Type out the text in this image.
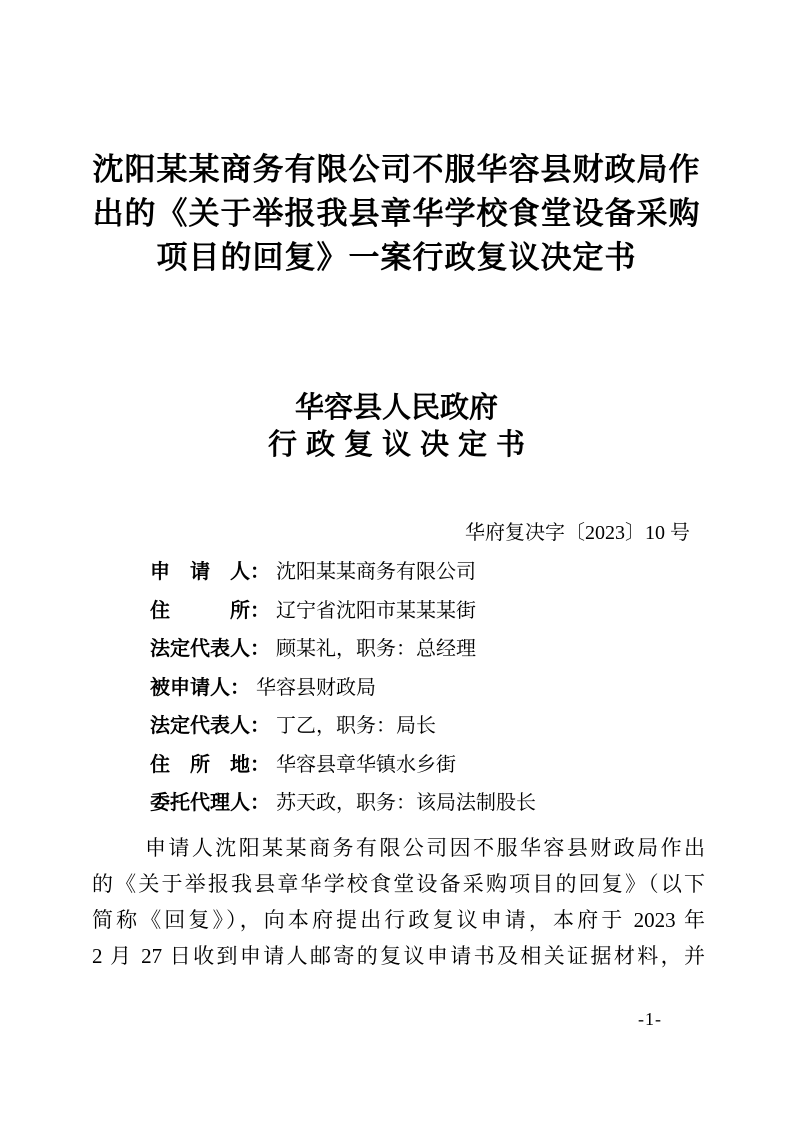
沈阳某某商务有限公司不服华容县财政局作
出的《关于举报我县章华学校食堂设备采购
项目的回复》一案行政复议决定书
华容县人民政府
行政复议决定书
华府复决字〔2023〕10 号
申　请　人： 沈阳某某商务有限公司
住　　　所： 辽宁省沈阳市某某某街
法定代表人： 顾某礼，职务：总经理
被申请人： 华容县财政局
法定代表人： 丁乙，职务：局长
住　所　地： 华容县章华镇水乡街
委托代理人： 苏天政，职务：该局法制股长
申请人沈阳某某商务有限公司因不服华容县财政局作出
的《关于举报我县章华学校食堂设备采购项目的回复》（以下
简称《回复》），向本府提出行政复议申请，本府于 2023 年
2 月 27 日收到申请人邮寄的复议申请书及相关证据材料，并
-1-
